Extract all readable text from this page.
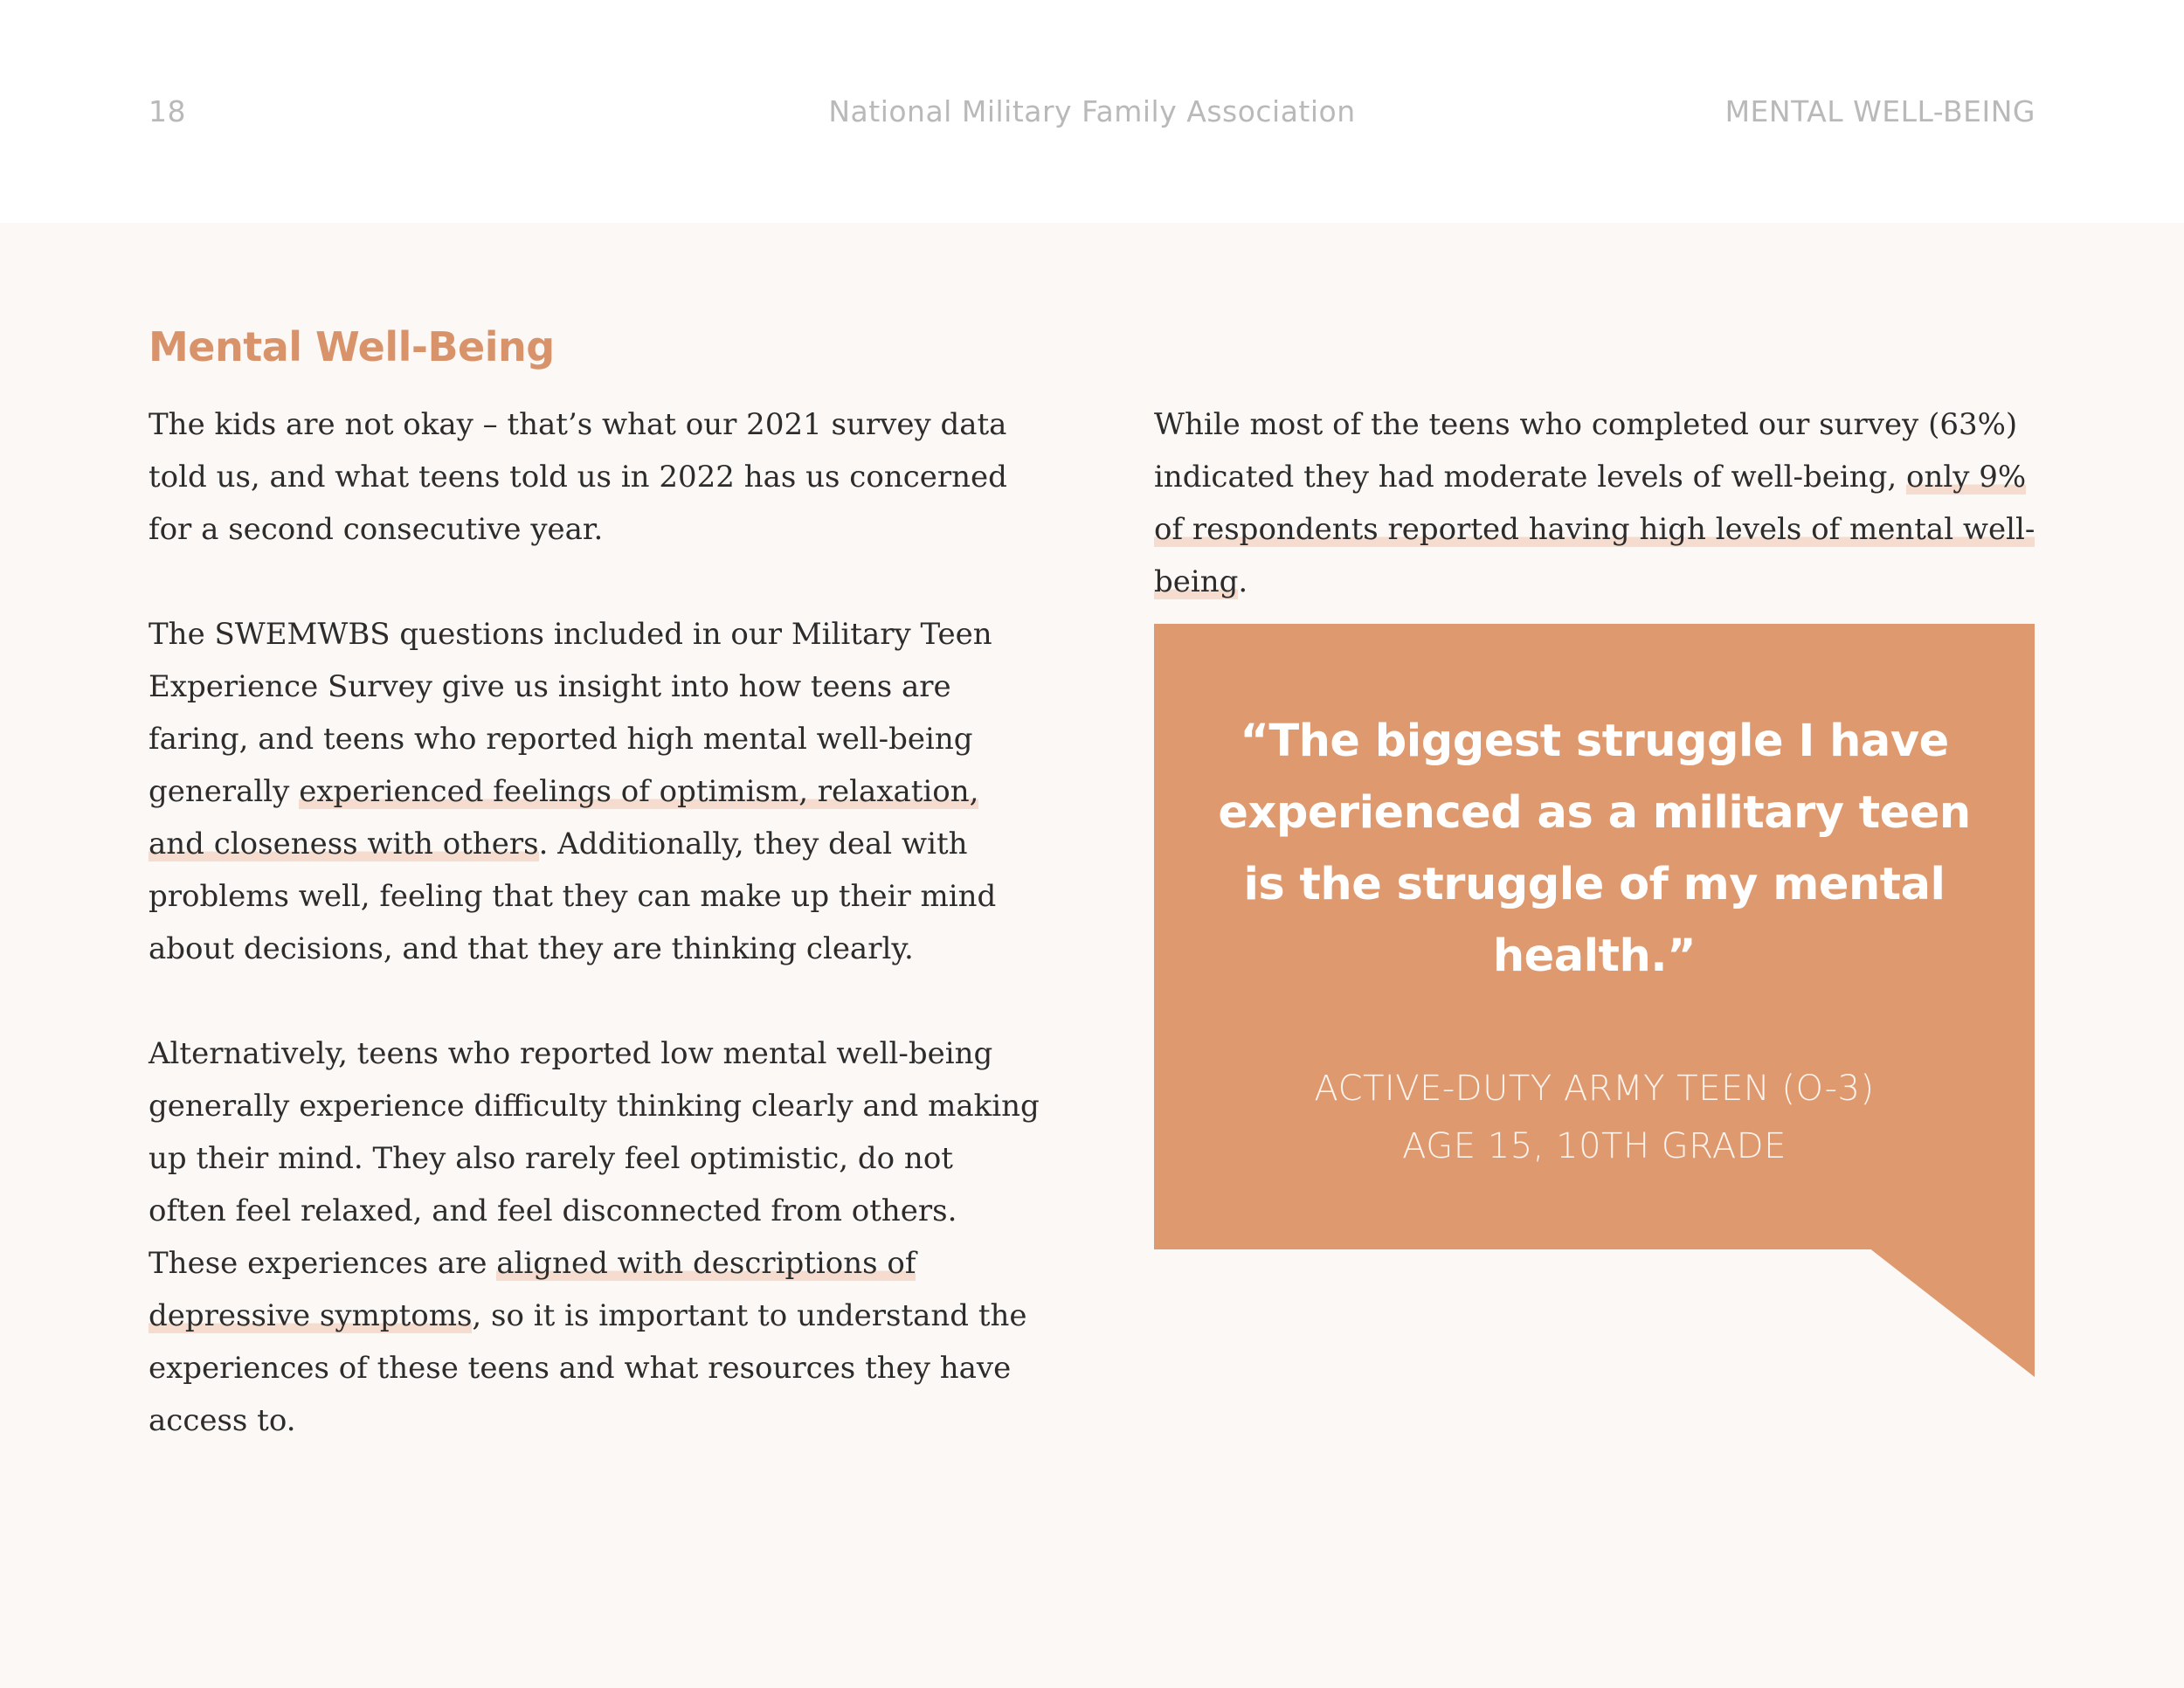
18	National Military Family Association	MENTAL WELL-BEING
Mental Well-Being

The kids are not okay – that’s what our 2021 survey data told us, and what teens told us in 2022 has us concerned for a second consecutive year.

The SWEMWBS questions included in our Military Teen Experience Survey give us insight into how teens are faring, and teens who reported high mental well-being generally experienced feelings of optimism, relaxation, and closeness with others. Additionally, they deal with problems well, feeling that they can make up their mind about decisions, and that they are thinking clearly.

Alternatively, teens who reported low mental well-being generally experience difficulty thinking clearly and making up their mind. They also rarely feel optimistic, do not often feel relaxed, and feel disconnected from others. These experiences are aligned with descriptions of depressive symptoms, so it is important to understand the experiences of these teens and what resources they have access to.

While most of the teens who completed our survey (63%) indicated they had moderate levels of well-being, only 9% of respondents reported having high levels of mental well-being.

“The biggest struggle I have experienced as a military teen is the struggle of my mental health.”

ACTIVE-DUTY ARMY TEEN (O-3)
AGE 15, 10TH GRADE
